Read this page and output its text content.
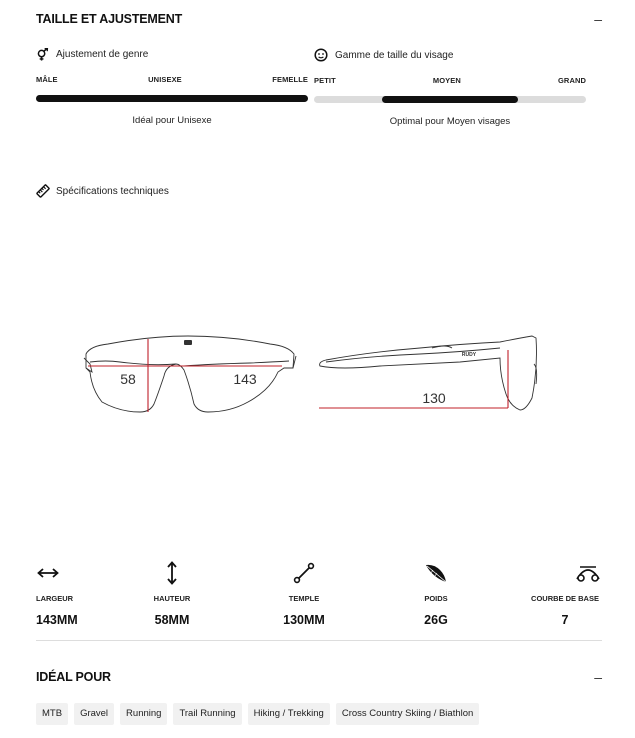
TAILLE ET AJUSTEMENT	–
Ajustement de genre
MÂLE	UNISEXE	FEMELLE
Idéal pour Unisexe
Gamme de taille du visage
PETIT	MOYEN	GRAND
Optimal pour Moyen visages
Spécifications techniques
58	143
RUDY
130
LARGEUR
143MM
HAUTEUR
58MM
TEMPLE
130MM
POIDS
26G
COURBE DE BASE
7
IDÉAL POUR	–
MTB	Gravel	Running	Trail Running	Hiking / Trekking	Cross Country Skiing / Biathlon
